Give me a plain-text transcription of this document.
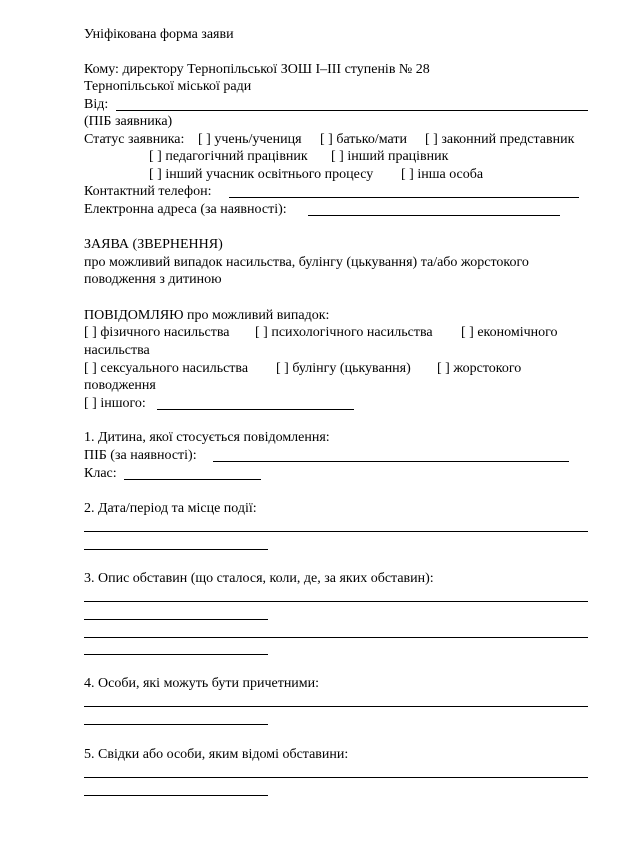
Уніфікована форма заяви
Кому: директору Тернопільської ЗОШ I–III ступенів № 28
Тернопільської міської ради
Від:
(ПІБ заявника)
Статус заявника: [ ] учень/учениця [ ] батько/мати [ ] законний представник
[ ] педагогічний працівник [ ] інший працівник
[ ] інший учасник освітнього процесу [ ] інша особа
Контактний телефон:
Електронна адреса (за наявності):
ЗАЯВА (ЗВЕРНЕННЯ)
про можливий випадок насильства, булінгу (цькування) та/або жорстокого
поводження з дитиною
ПОВІДОМЛЯЮ про можливий випадок:
[ ] фізичного насильства [ ] психологічного насильства [ ] економічного
насильства
[ ] сексуального насильства [ ] булінгу (цькування) [ ] жорстокого
поводження
[ ] іншого:
1. Дитина, якої стосується повідомлення:
ПІБ (за наявності):
Клас:
2. Дата/період та місце події:
3. Опис обставин (що сталося, коли, де, за яких обставин):
4. Особи, які можуть бути причетними:
5. Свідки або особи, яким відомі обставини:
